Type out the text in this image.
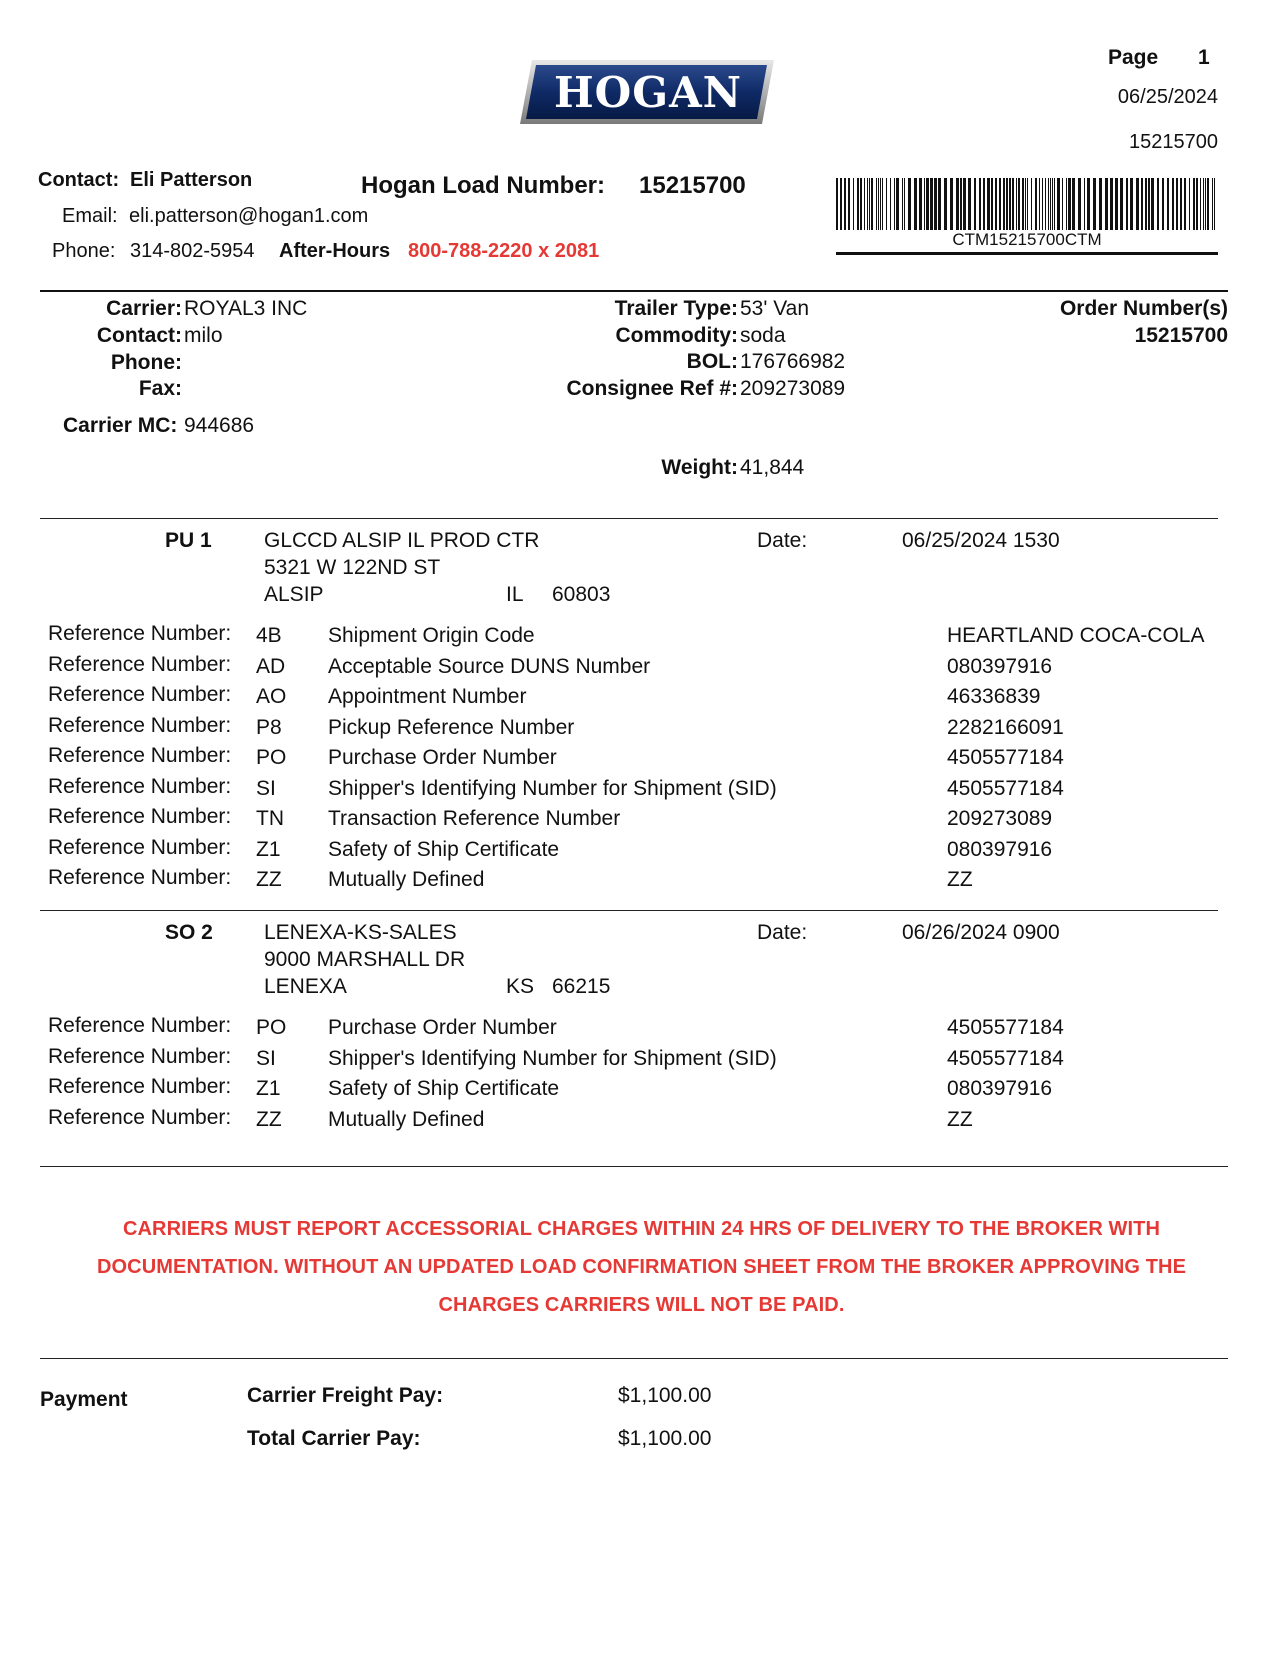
HOGAN
Page 1
06/25/2024
15215700
Contact: Eli Patterson
Email: eli.patterson@hogan1.com
Phone: 314-802-5954 After-Hours 800-788-2220 x 2081
Hogan Load Number: 15215700
CTM15215700CTM
Carrier: ROYAL3 INC
Contact: milo
Phone:
Fax:
Carrier MC: 944686
Trailer Type: 53' Van
Commodity: soda
BOL: 176766982
Consignee Ref #: 209273089
Weight: 41,844
Order Number(s)
15215700
PU 1 GLCCD ALSIP IL PROD CTR
5321 W 122ND ST
ALSIP	IL 60803
Date:	06/25/2024 1530
Reference Number: 4B Shipment Origin Code	HEARTLAND COCA-COLA
Reference Number: AD Acceptable Source DUNS Number	080397916
Reference Number: AO Appointment Number	46336839
Reference Number: P8 Pickup Reference Number	2282166091
Reference Number: PO Purchase Order Number	4505577184
Reference Number: SI Shipper's Identifying Number for Shipment (SID)	4505577184
Reference Number: TN Transaction Reference Number	209273089
Reference Number: Z1 Safety of Ship Certificate	080397916
Reference Number: ZZ Mutually Defined	ZZ
SO 2 LENEXA-KS-SALES
9000 MARSHALL DR
LENEXA	KS 66215
Date:	06/26/2024 0900
Reference Number: PO Purchase Order Number	4505577184
Reference Number: SI Shipper's Identifying Number for Shipment (SID)	4505577184
Reference Number: Z1 Safety of Ship Certificate	080397916
Reference Number: ZZ Mutually Defined	ZZ
CARRIERS MUST REPORT ACCESSORIAL CHARGES WITHIN 24 HRS OF DELIVERY TO THE BROKER WITH
DOCUMENTATION. WITHOUT AN UPDATED LOAD CONFIRMATION SHEET FROM THE BROKER APPROVING THE
CHARGES CARRIERS WILL NOT BE PAID.
Payment	Carrier Freight Pay:	$1,100.00
Total Carrier Pay:	$1,100.00
